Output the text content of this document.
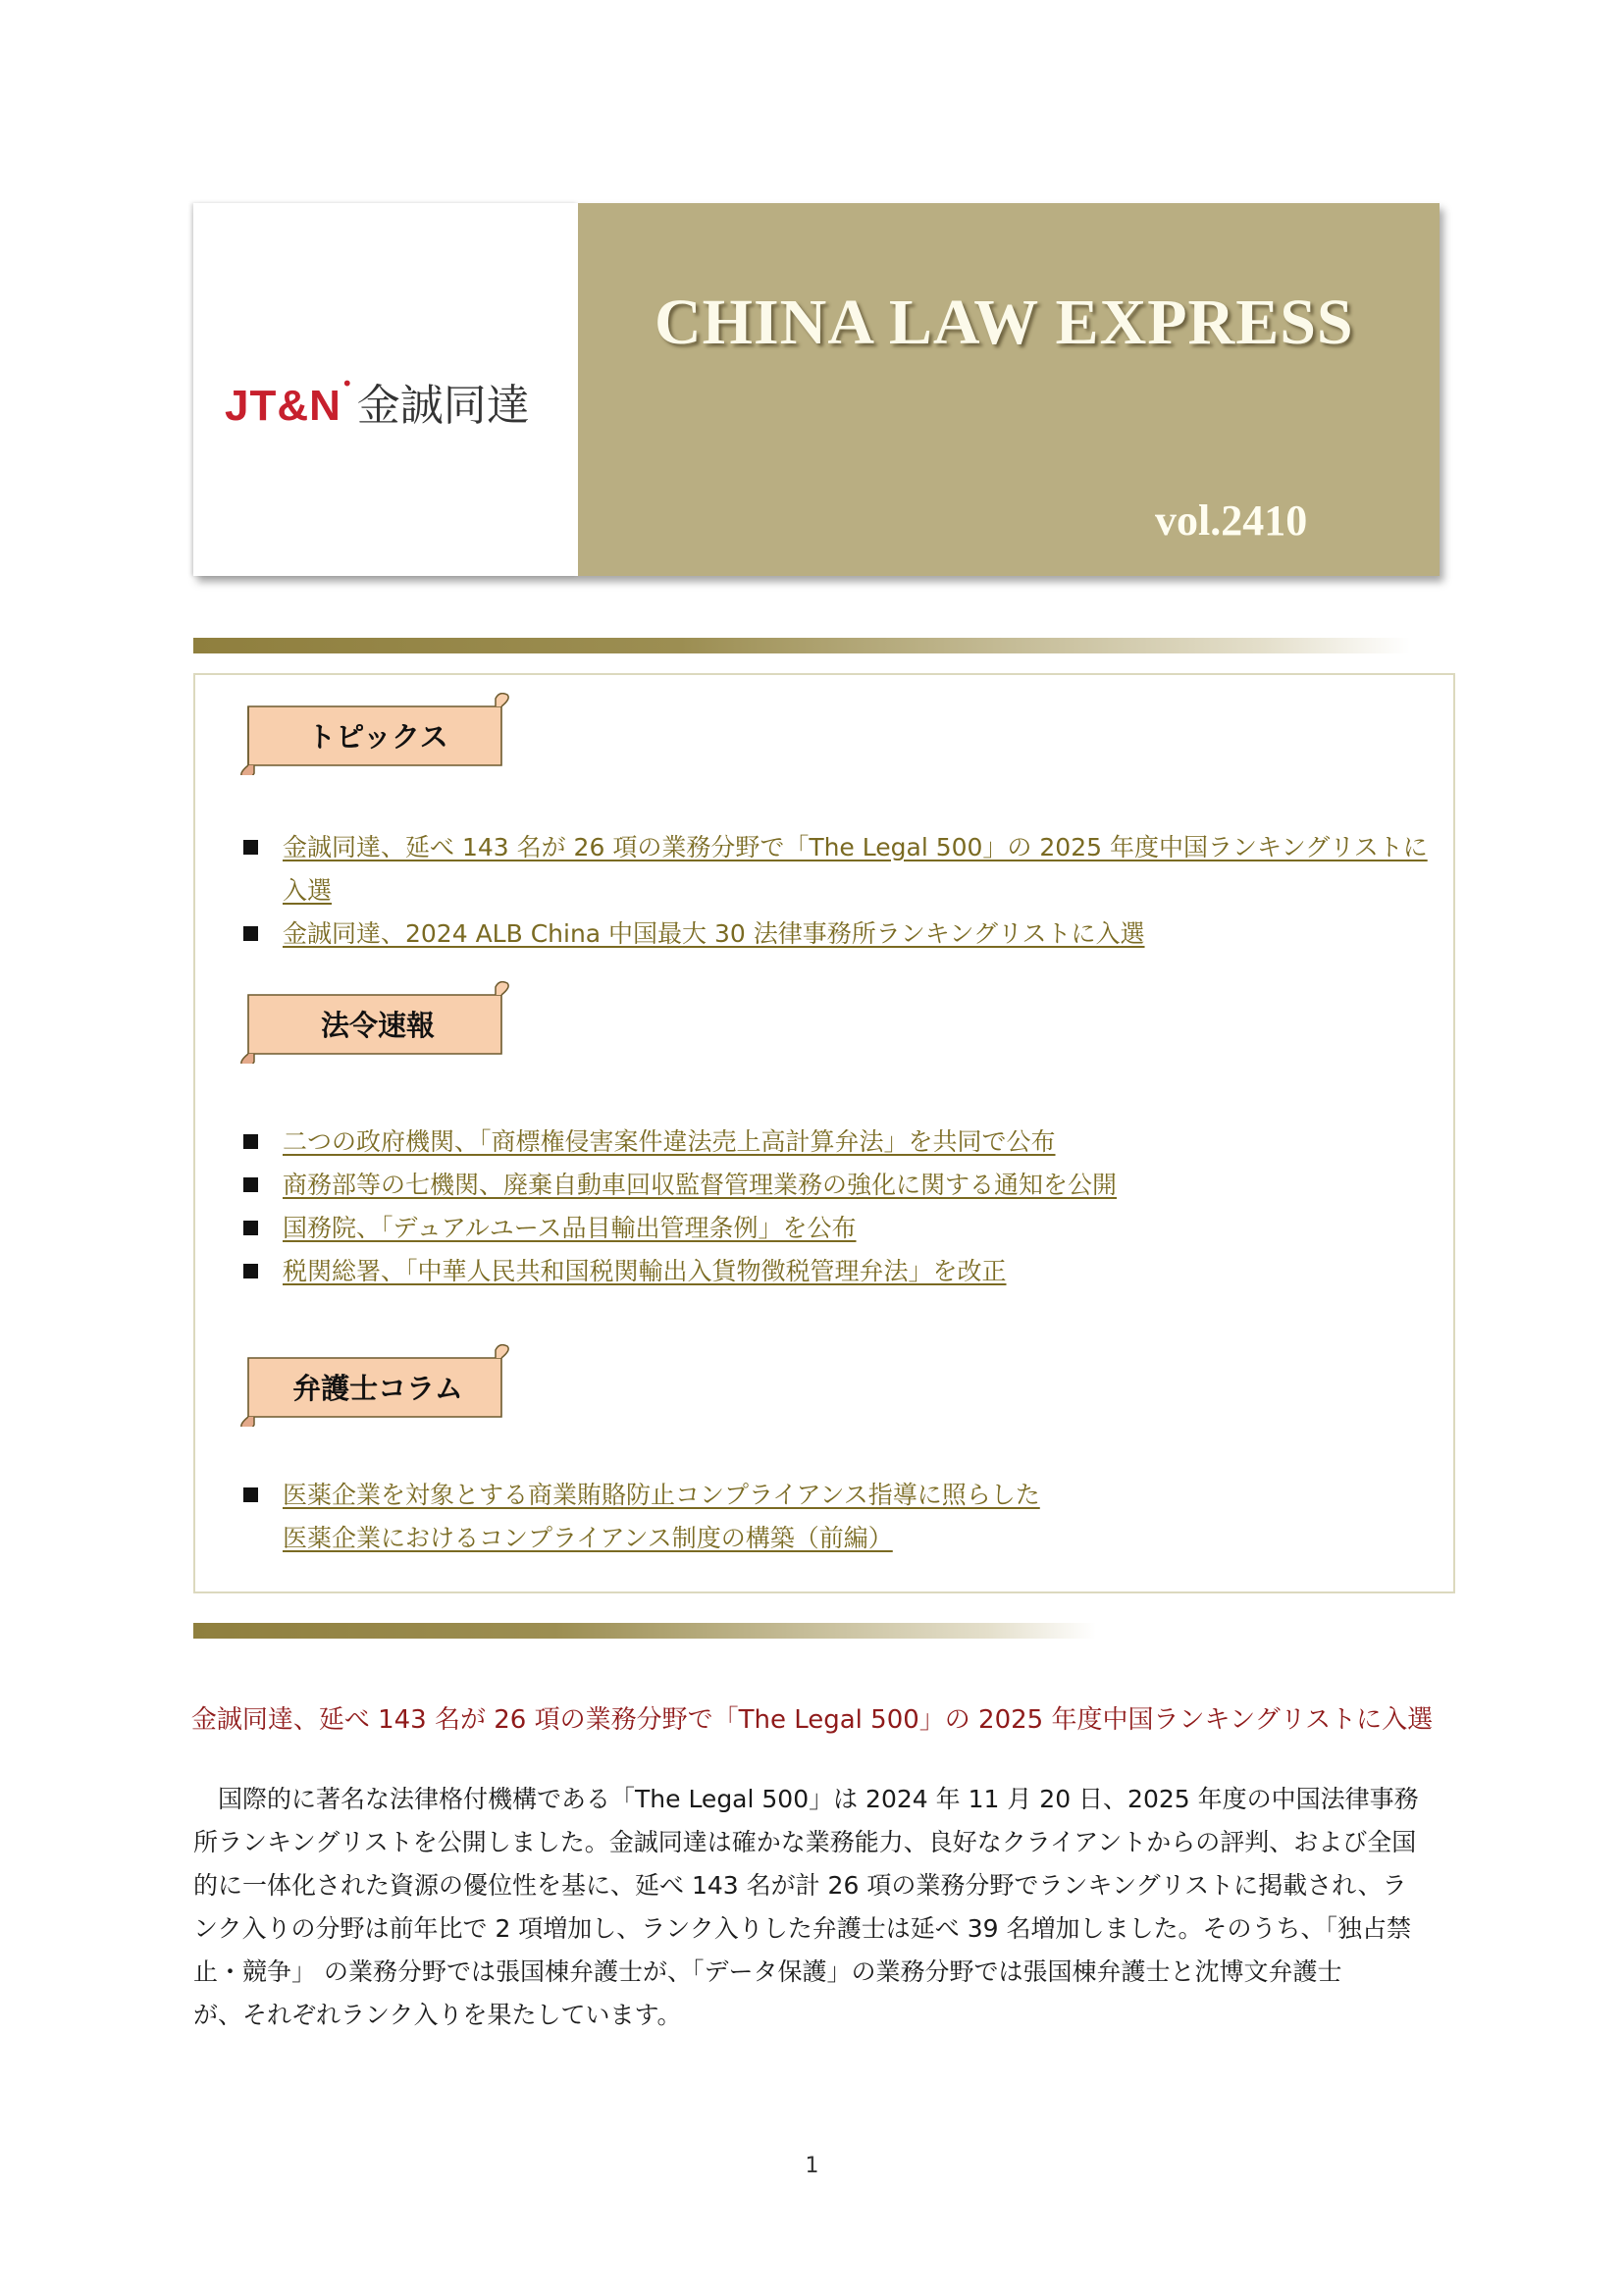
JT&N•金誠同達
CHINA LAW EXPRESS
vol.2410
トピックス
法令速報
弁護士コラム
金誠同達、延べ 143 名が 26 項の業務分野で「The Legal 500」の 2025 年度中国ランキングリストに
入選
金誠同達、2024 ALB China 中国最大 30 法律事務所ランキングリストに入選
二つの政府機関、「商標権侵害案件違法売上高計算弁法」を共同で公布
商務部等の七機関、廃棄自動車回収監督管理業務の強化に関する通知を公開
国務院、「デュアルユース品目輸出管理条例」を公布
税関総署、「中華人民共和国税関輸出入貨物徴税管理弁法」を改正
医薬企業を対象とする商業賄賂防止コンプライアンス指導に照らした
医薬企業におけるコンプライアンス制度の構築（前編）
金誠同達、延べ 143 名が 26 項の業務分野で「The Legal 500」の 2025 年度中国ランキングリストに入選
　国際的に著名な法律格付機構である「The Legal 500」は 2024 年 11 月 20 日、2025 年度の中国法律事務
所ランキングリストを公開しました。金誠同達は確かな業務能力、良好なクライアントからの評判、および全国
的に一体化された資源の優位性を基に、延べ 143 名が計 26 項の業務分野でランキングリストに掲載され、ラ
ンク入りの分野は前年比で 2 項増加し、ランク入りした弁護士は延べ 39 名増加しました。そのうち、「独占禁
止・競争」 の業務分野では張国棟弁護士が、「データ保護」の業務分野では張国棟弁護士と沈博文弁護士
が、それぞれランク入りを果たしています。
1
